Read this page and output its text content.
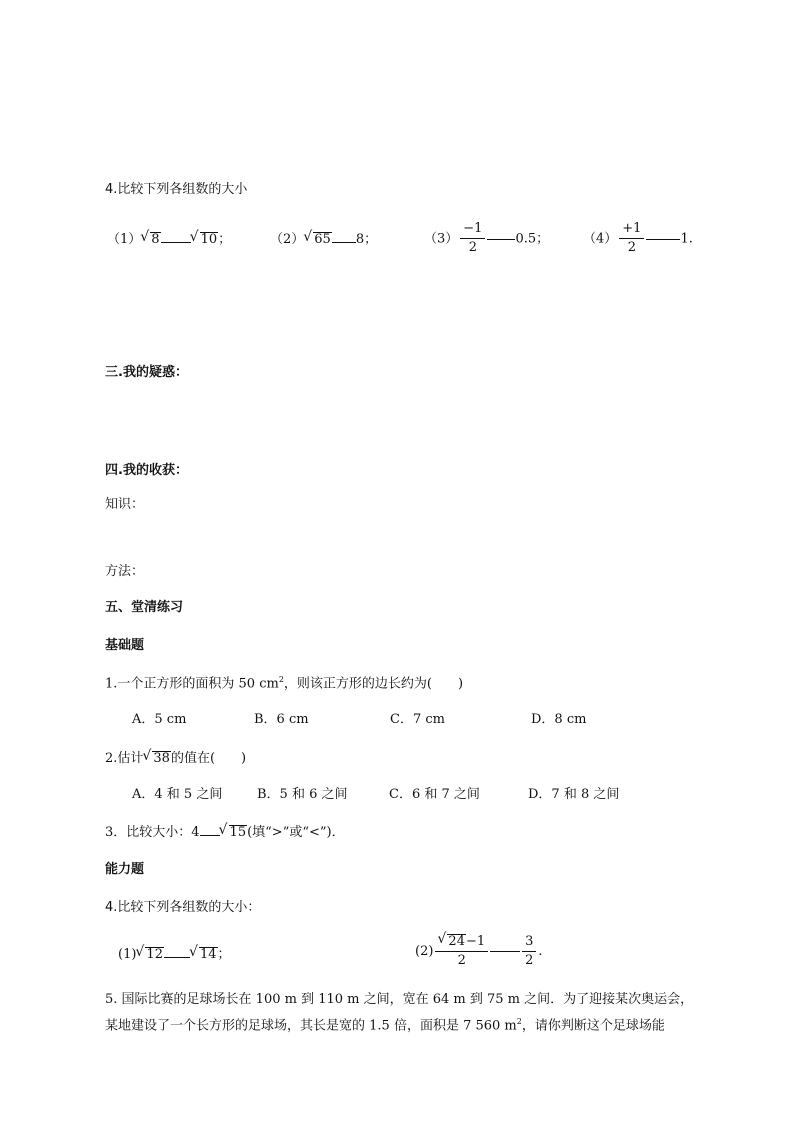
4.比较下列各组数的大小
（1） √ 8	√ 10；	（2） √ 65 8；	$(3) \frac{-1}{2} 0.5$；	$(4) \frac{+1}{2}$	1.
三.我的疑惑：
四.我的收获：
知识：
方法：
五、堂清练习
基础题
1.一个正方形的面积为 50 $cm^2$，则该正方形的边长约为(　　)
A．5 cm	B．6 cm	C．7 cm	D．8 cm
2.估计 √ 38的值在(　　)
A．4 和 5 之间	B．5 和 6 之间	C．6 和 7 之间	D．7 和 8 之间
3．比较大小：4 √ 15(填“>”或“<”)．
能力题
4.比较下列各组数的大小：
(1) √ 12	√ 14；	(2) √ $\frac{24-1}{2}$	$\frac{3}{2}$ .
5. 国际比赛的足球场长在 100 m 到 110 m 之间，宽在 64 m 到 75 m 之间．为了迎接某次奥运会，
某地建设了一个长方形的足球场，其长是宽的 1.5 倍，面积是 7 560 $m^2$，请你判断这个足球场能
